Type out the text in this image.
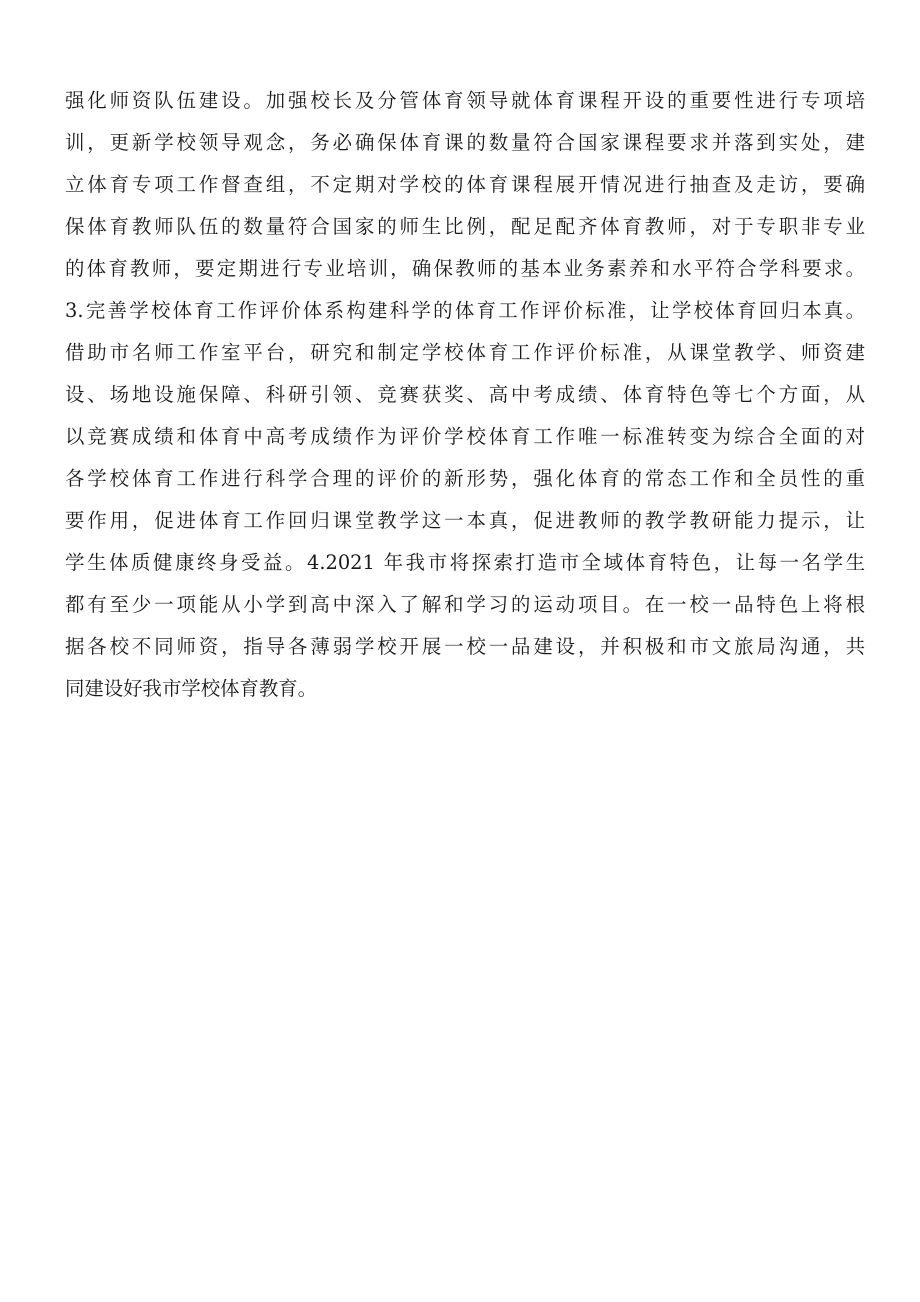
强化师资队伍建设。加强校长及分管体育领导就体育课程开设的重要性进行专项培
训，更新学校领导观念，务必确保体育课的数量符合国家课程要求并落到实处，建
立体育专项工作督查组，不定期对学校的体育课程展开情况进行抽查及走访，要确
保体育教师队伍的数量符合国家的师生比例，配足配齐体育教师，对于专职非专业
的体育教师，要定期进行专业培训，确保教师的基本业务素养和水平符合学科要求。
3.完善学校体育工作评价体系构建科学的体育工作评价标准，让学校体育回归本真。
借助市名师工作室平台，研究和制定学校体育工作评价标准，从课堂教学、师资建
设、场地设施保障、科研引领、竞赛获奖、高中考成绩、体育特色等七个方面，从
以竞赛成绩和体育中高考成绩作为评价学校体育工作唯一标准转变为综合全面的对
各学校体育工作进行科学合理的评价的新形势，强化体育的常态工作和全员性的重
要作用，促进体育工作回归课堂教学这一本真，促进教师的教学教研能力提示，让
学生体质健康终身受益。4.2021 年我市将探索打造市全域体育特色，让每一名学生
都有至少一项能从小学到高中深入了解和学习的运动项目。在一校一品特色上将根
据各校不同师资，指导各薄弱学校开展一校一品建设，并积极和市文旅局沟通，共
同建设好我市学校体育教育。
